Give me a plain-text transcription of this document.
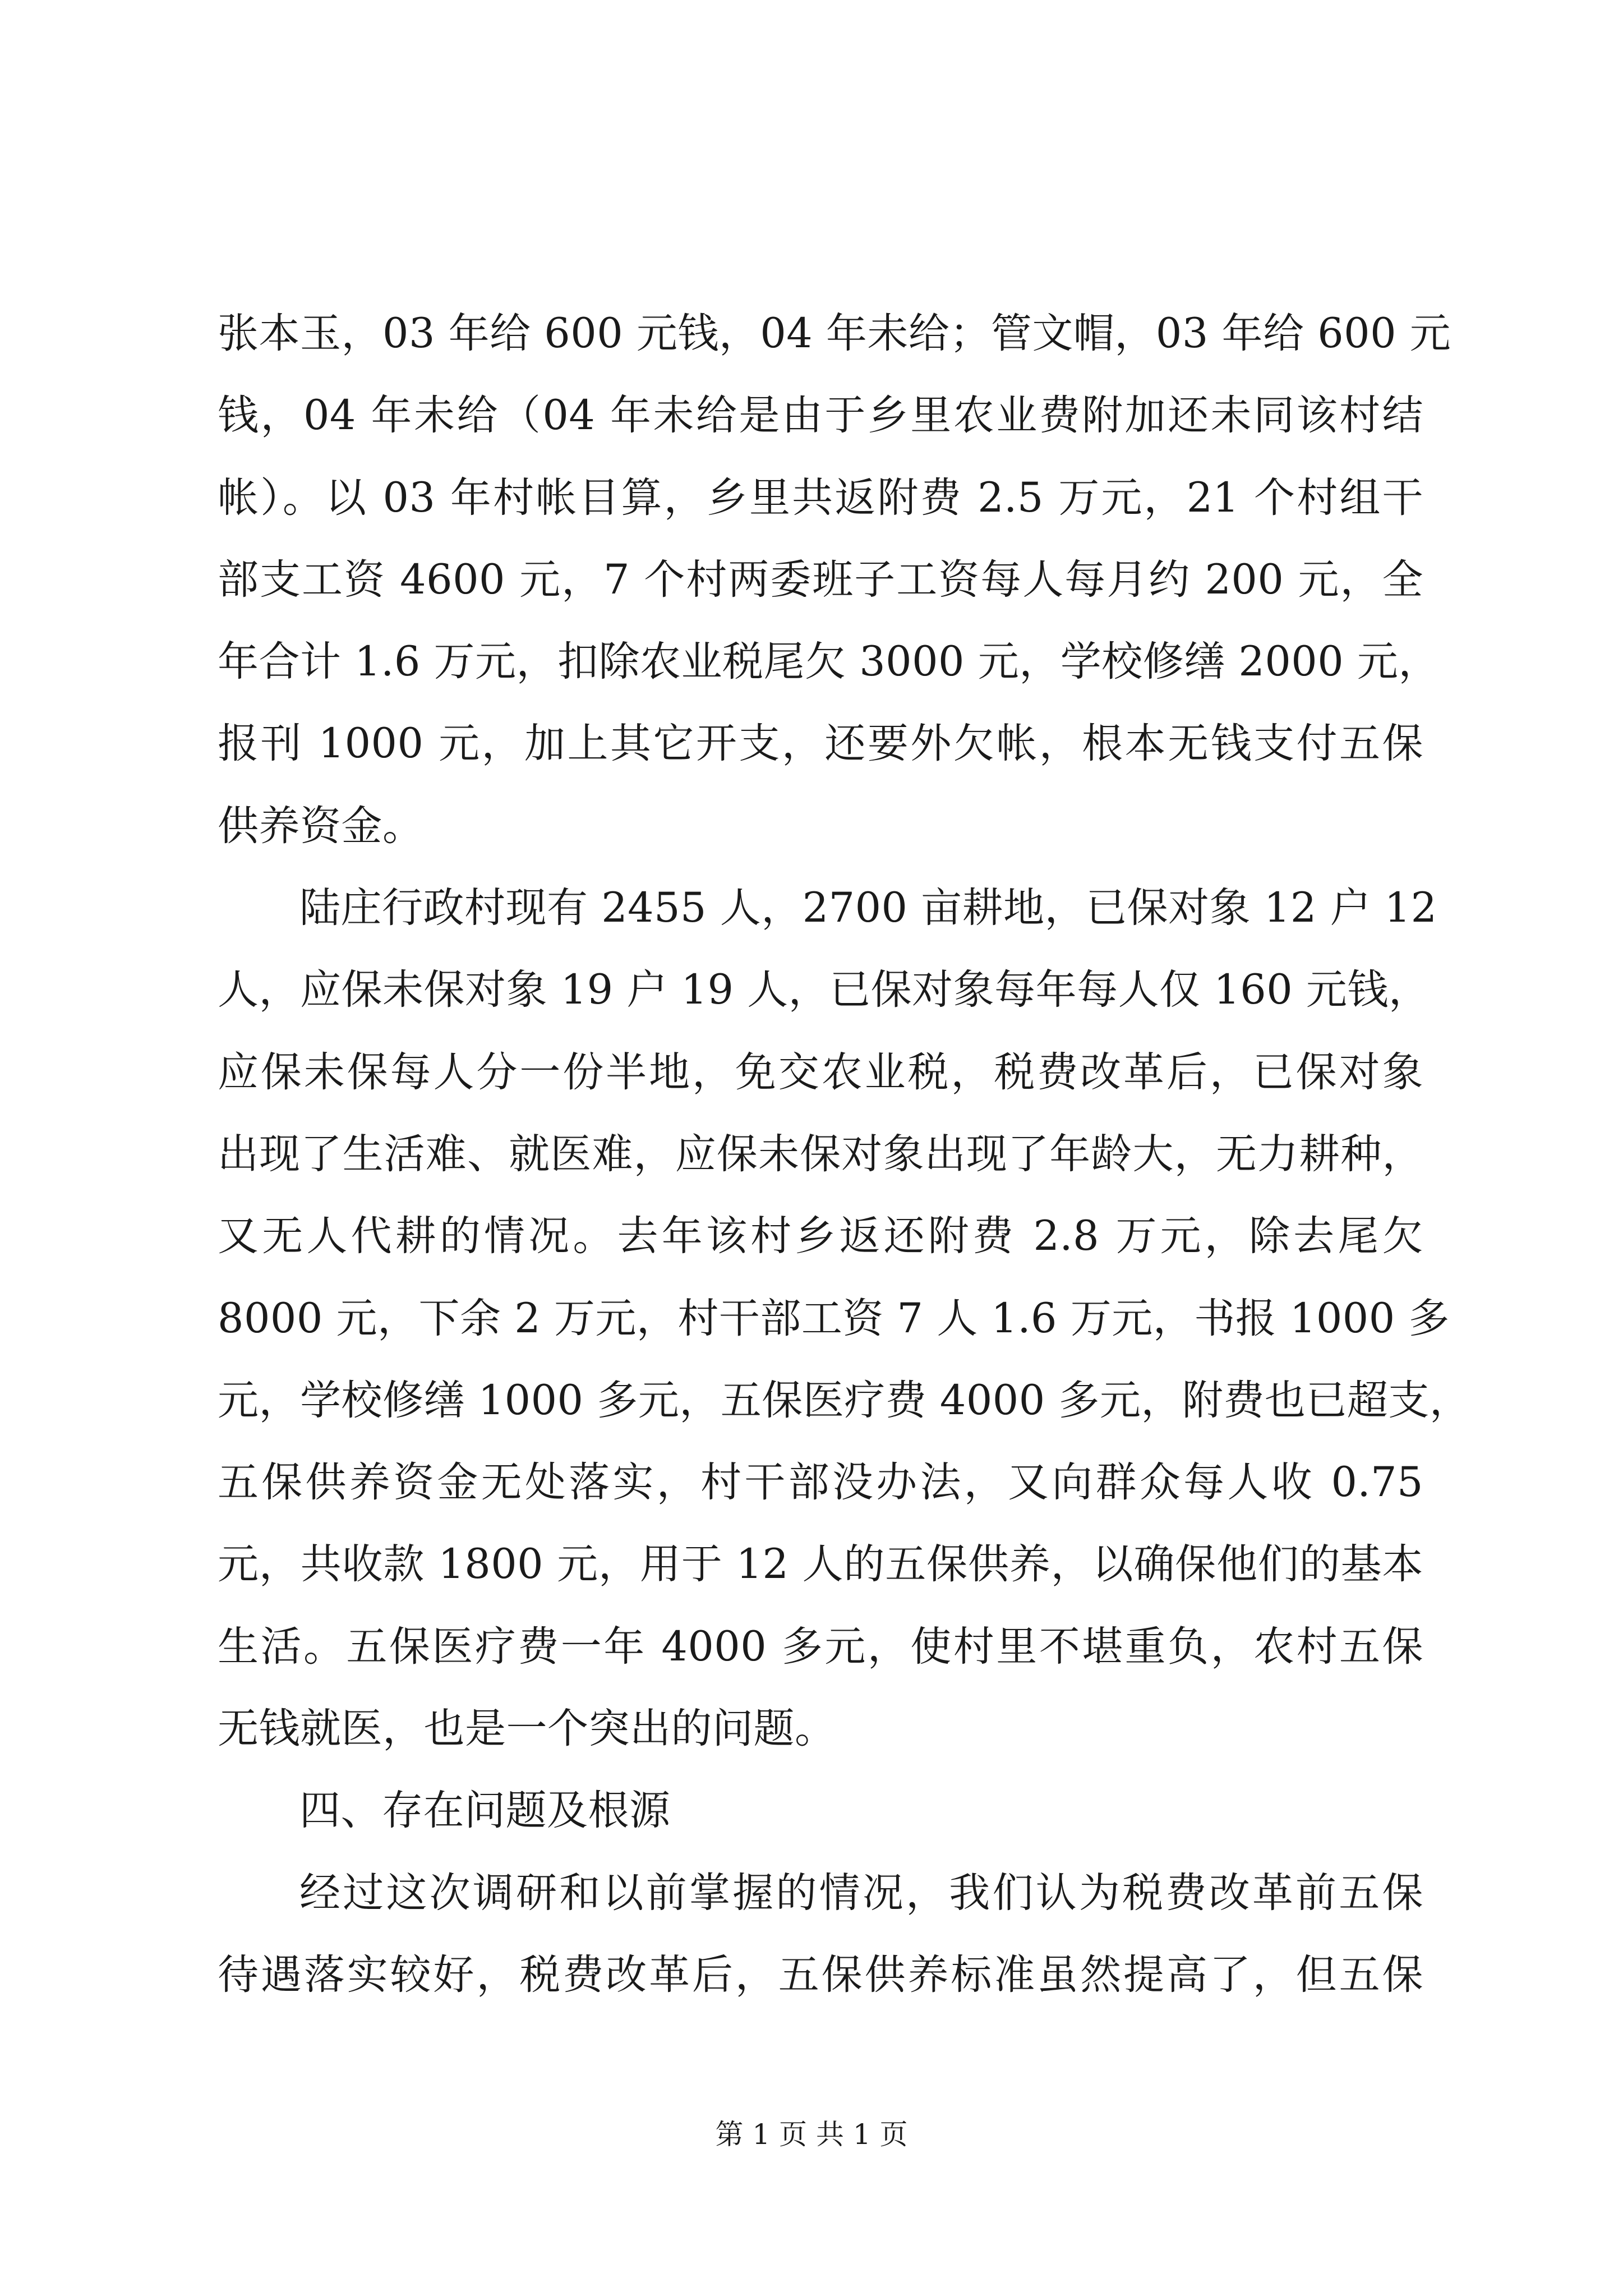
张本玉，03 年给 600 元钱，04 年未给；管文帽，03 年给 600 元
钱，04 年未给（04 年未给是由于乡里农业费附加还未同该村结
帐）。以 03 年村帐目算，乡里共返附费 2.5 万元，21 个村组干
部支工资 4600 元，7 个村两委班子工资每人每月约 200 元，全
年合计 1.6 万元，扣除农业税尾欠 3000 元，学校修缮 2000 元，
报刊 1000 元，加上其它开支，还要外欠帐，根本无钱支付五保
供养资金。
陆庄行政村现有 2455 人，2700 亩耕地，已保对象 12 户 12
人，应保未保对象 19 户 19 人，已保对象每年每人仅 160 元钱，
应保未保每人分一份半地，免交农业税，税费改革后，已保对象
出现了生活难、就医难，应保未保对象出现了年龄大，无力耕种，
又无人代耕的情况。去年该村乡返还附费 2.8 万元，除去尾欠
8000 元，下余 2 万元，村干部工资 7 人 1.6 万元，书报 1000 多
元，学校修缮 1000 多元，五保医疗费 4000 多元，附费也已超支，
五保供养资金无处落实，村干部没办法，又向群众每人收 0.75
元，共收款 1800 元，用于 12 人的五保供养，以确保他们的基本
生活。五保医疗费一年 4000 多元，使村里不堪重负，农村五保
无钱就医，也是一个突出的问题。
四、存在问题及根源
经过这次调研和以前掌握的情况，我们认为税费改革前五保
待遇落实较好，税费改革后，五保供养标准虽然提高了，但五保
第 1 页 共 1 页
